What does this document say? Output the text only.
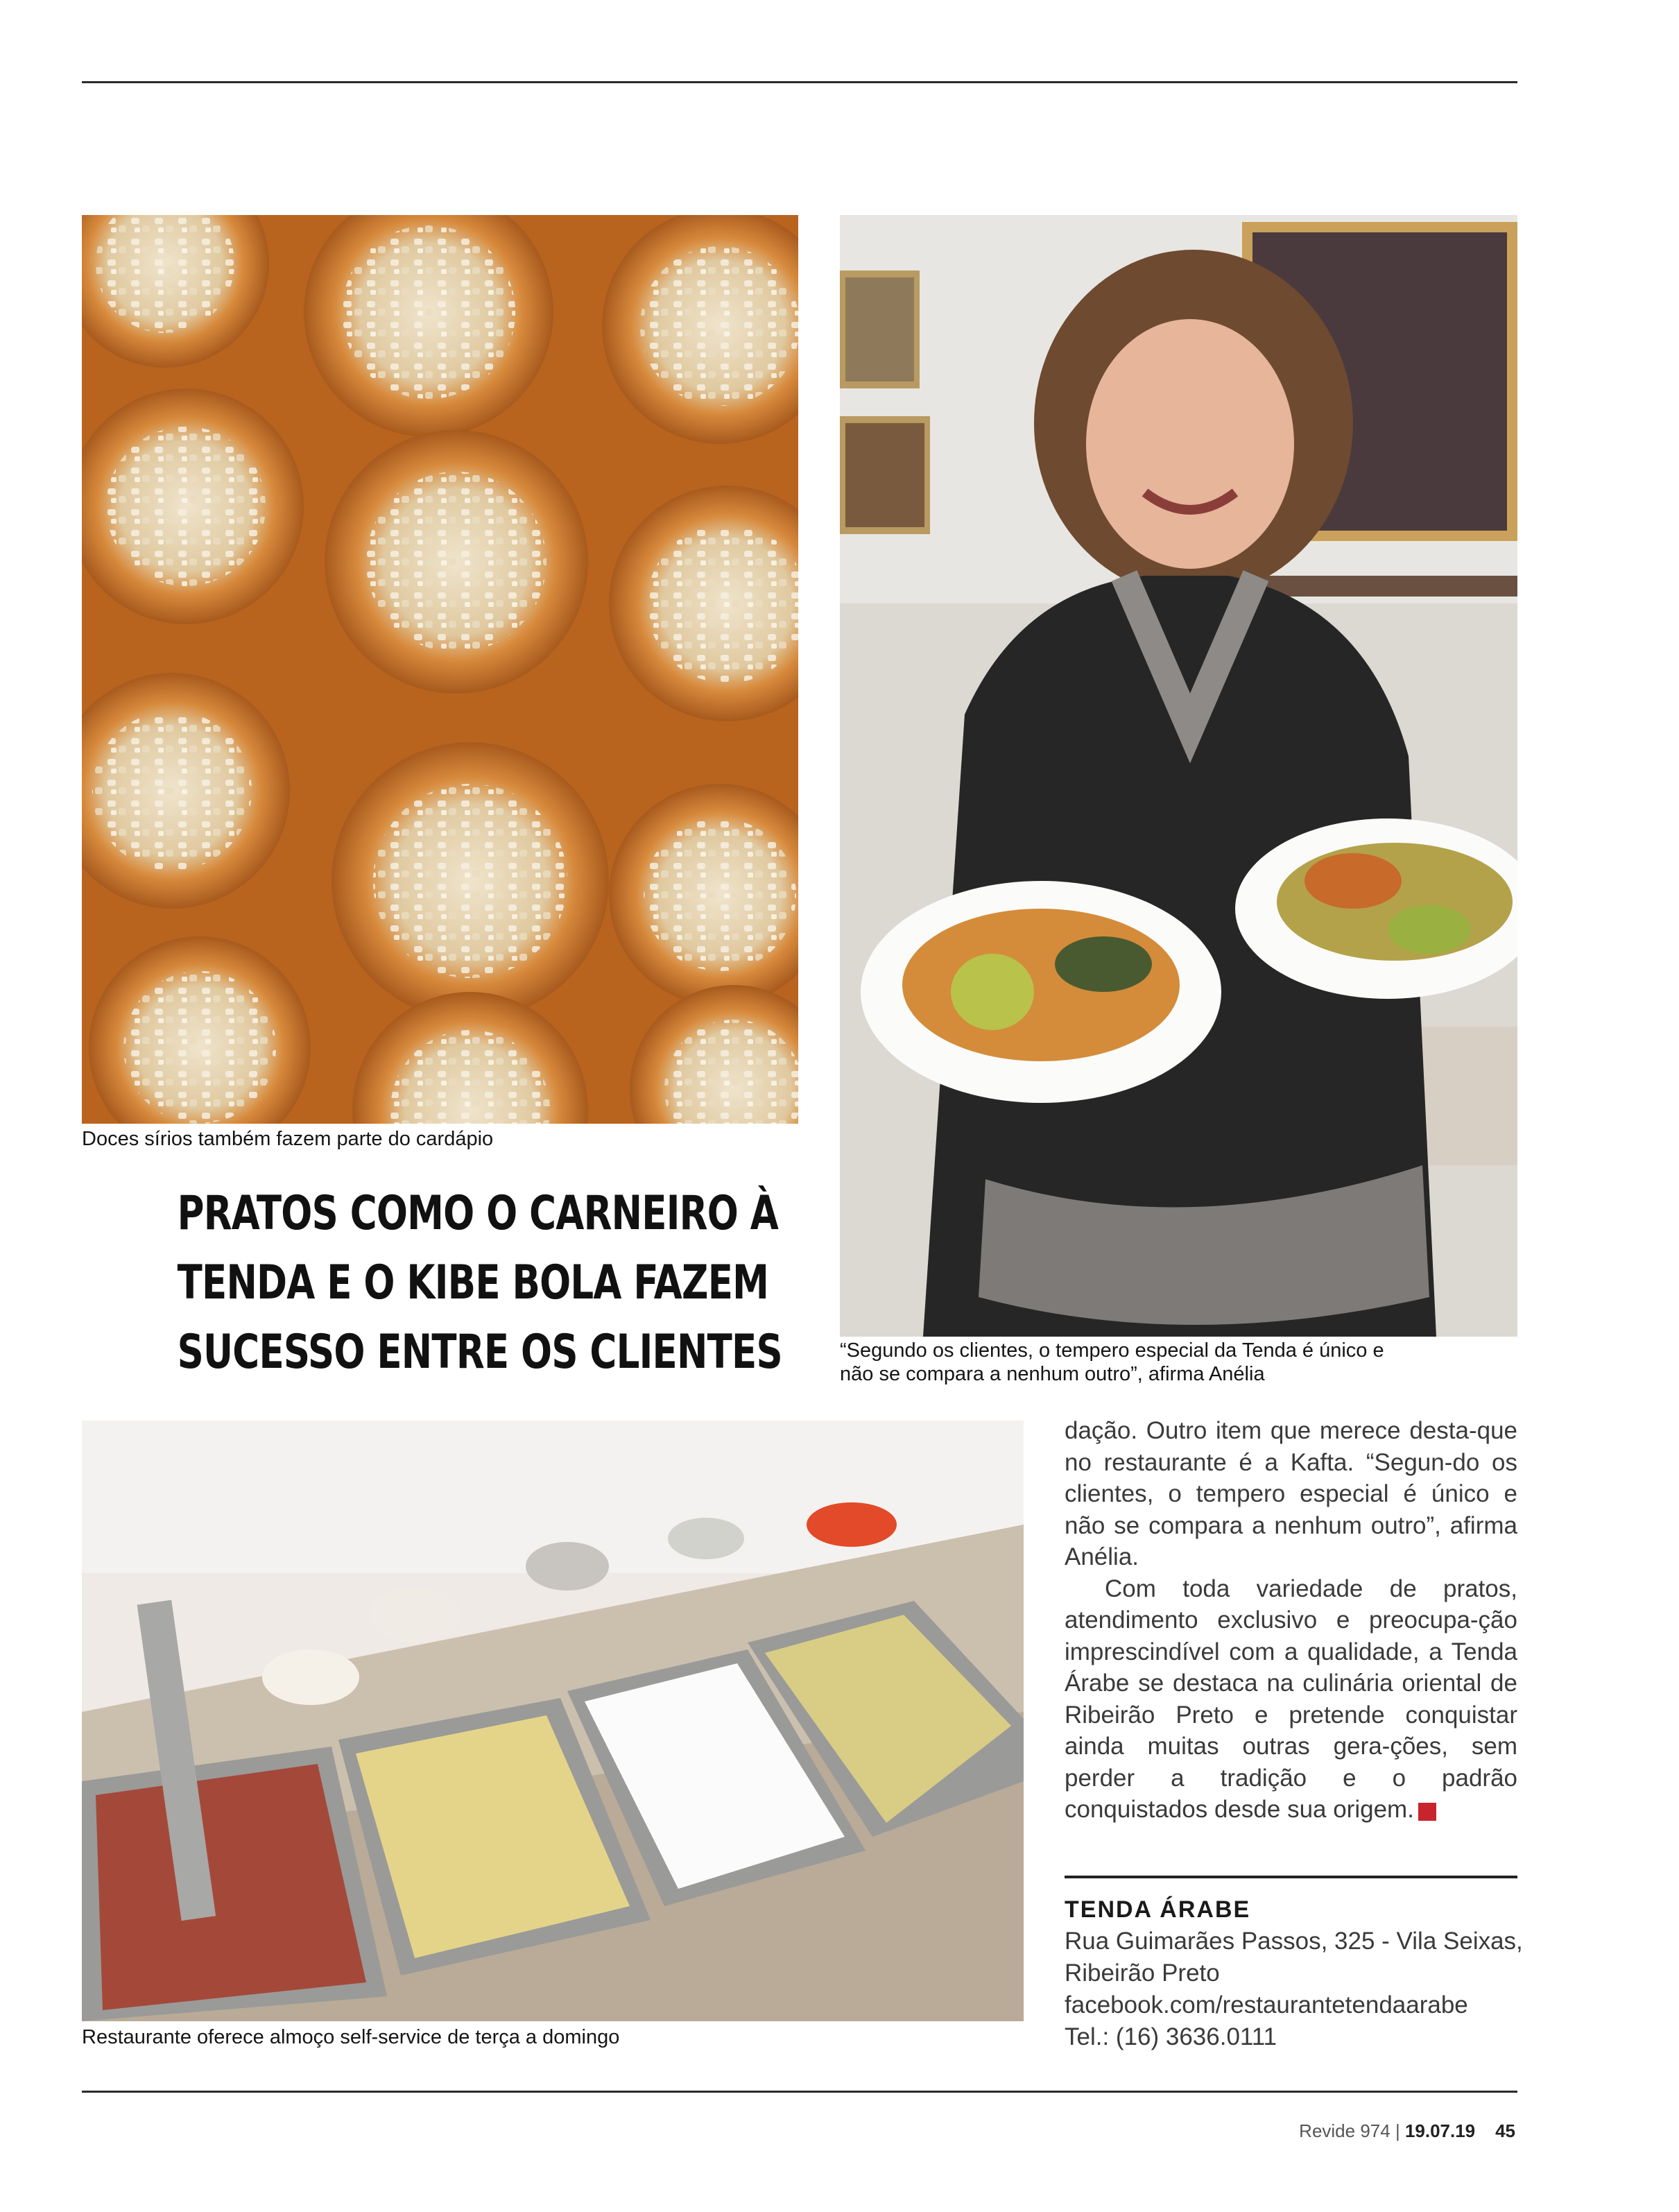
Doces sírios também fazem parte do cardápio
PRATOS COMO O CARNEIRO À
TENDA E O KIBE BOLA FAZEM
SUCESSO ENTRE OS CLIENTES	“Segundo os clientes, o tempero especial da Tenda é único e não se compara a nenhum outro”, afirma Anélia
Restaurante oferece almoço self-service de terça a domingo

dação. Outro item que merece desta-que no restaurante é a Kafta. “Segun-do os clientes, o tempero especial é único e não se compara a nenhum outro”, afirma Anélia.

Com toda variedade de pratos, atendimento exclusivo e preocupa-ção imprescindível com a qualidade, a Tenda Árabe se destaca na culinária oriental de Ribeirão Preto e pretende conquistar ainda muitas outras gera-ções, sem perder a tradição e o padrão conquistados desde sua origem.	R

TENDA ÁRABE
Rua Guimarães Passos, 325 - Vila Seixas,
Ribeirão Preto
facebook.com/restaurantetendaarabe
Tel.: (16) 3636.0111
Revide 974 | 19.07.19 45
